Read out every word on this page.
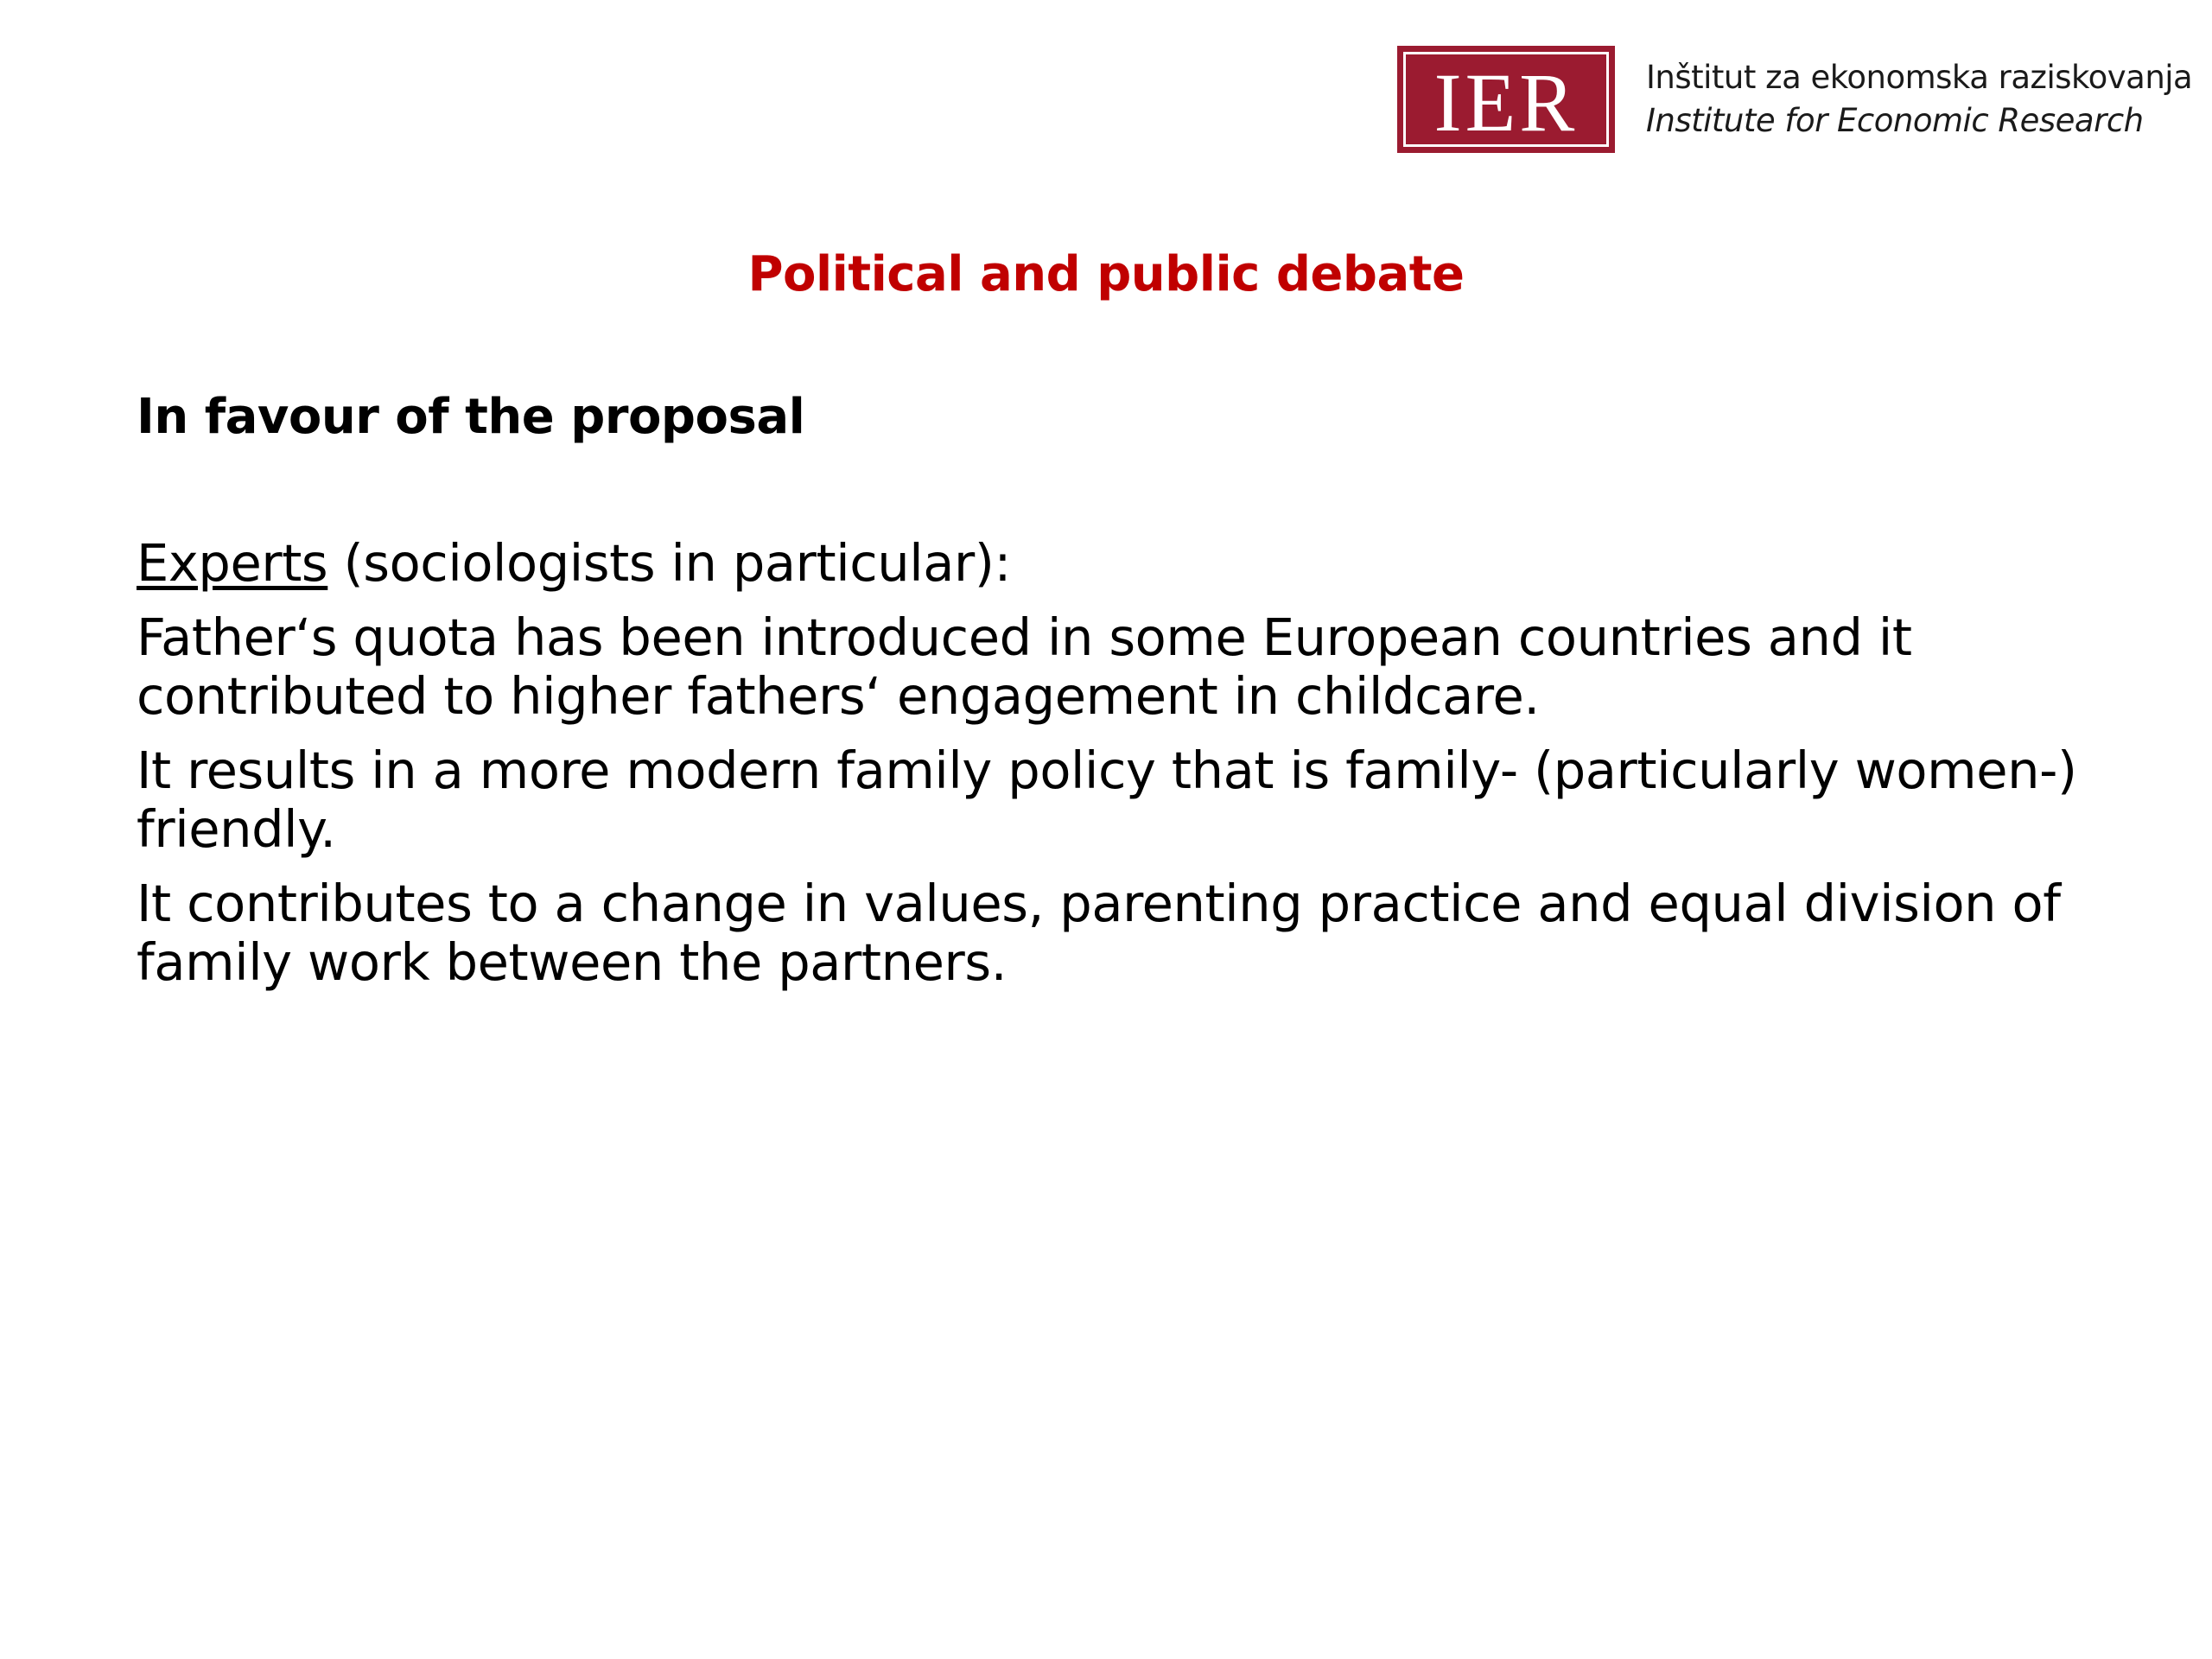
IER Inštitut za ekonomska raziskovanja
Institute for Economic Research
Political and public debate
In favour of the proposal

Experts (sociologists in particular):

Father‘s quota has been introduced in some European countries and it contributed to higher fathers‘ engagement in childcare.

It results in a more modern family policy that is family- (particularly women-) friendly.

It contributes to a change in values, parenting practice and equal division of family work between the partners.
